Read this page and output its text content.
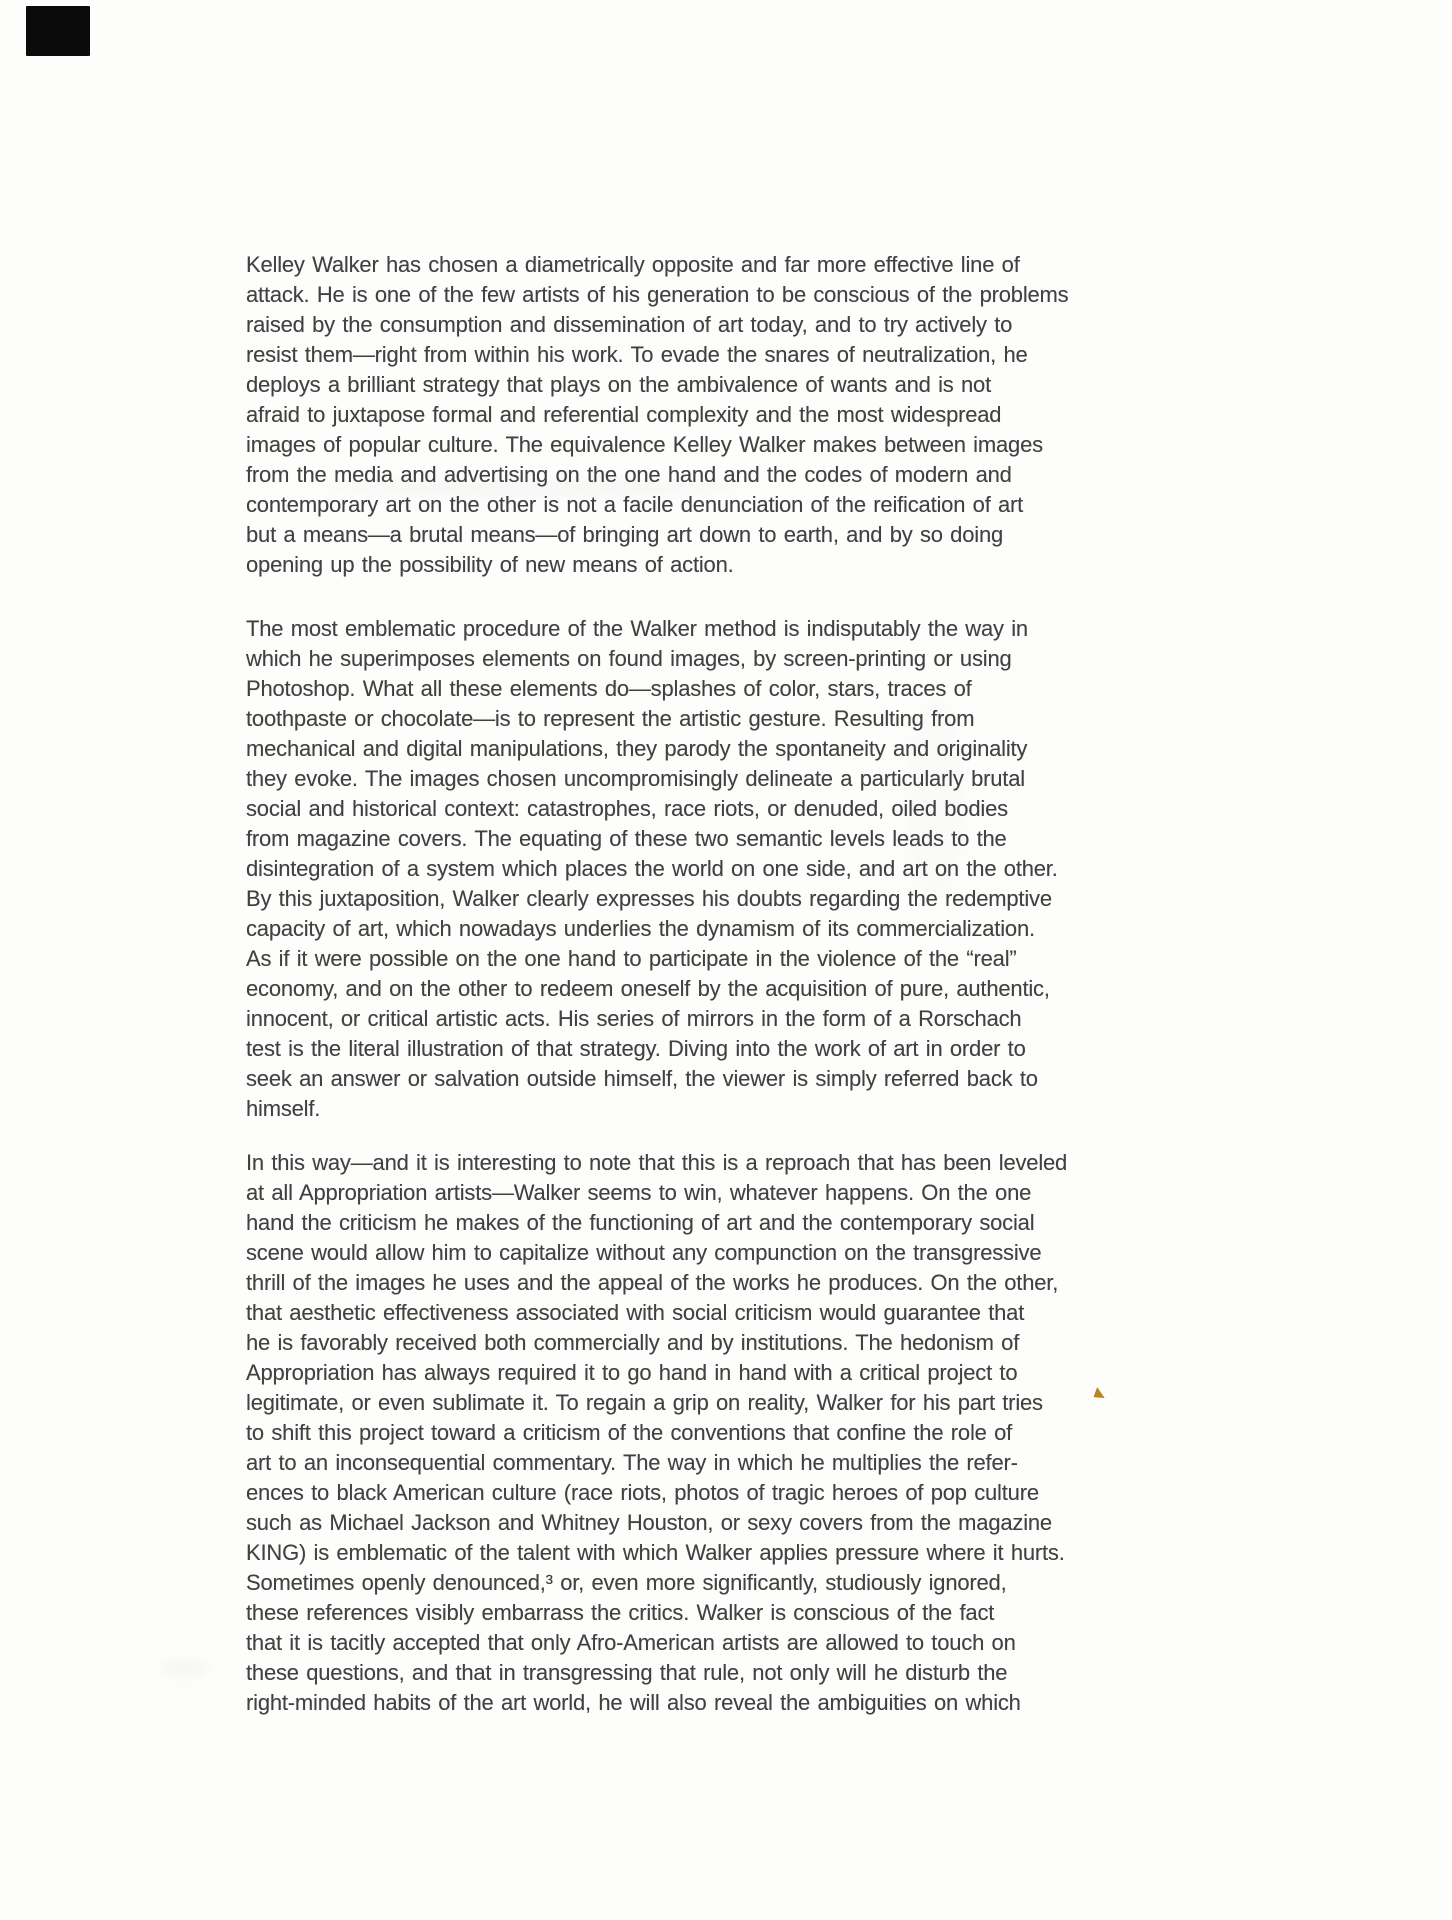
Kelley Walker has chosen a diametrically opposite and far more effective line of
attack. He is one of the few artists of his generation to be conscious of the problems
raised by the consumption and dissemination of art today, and to try actively to
resist them—right from within his work. To evade the snares of neutralization, he
deploys a brilliant strategy that plays on the ambivalence of wants and is not
afraid to juxtapose formal and referential complexity and the most widespread
images of popular culture. The equivalence Kelley Walker makes between images
from the media and advertising on the one hand and the codes of modern and
contemporary art on the other is not a facile denunciation of the reification of art
but a means—a brutal means—of bringing art down to earth, and by so doing
opening up the possibility of new means of action.
The most emblematic procedure of the Walker method is indisputably the way in
which he superimposes elements on found images, by screen-printing or using
Photoshop. What all these elements do—splashes of color, stars, traces of
toothpaste or chocolate—is to represent the artistic gesture. Resulting from
mechanical and digital manipulations, they parody the spontaneity and originality
they evoke. The images chosen uncompromisingly delineate a particularly brutal
social and historical context: catastrophes, race riots, or denuded, oiled bodies
from magazine covers. The equating of these two semantic levels leads to the
disintegration of a system which places the world on one side, and art on the other.
By this juxtaposition, Walker clearly expresses his doubts regarding the redemptive
capacity of art, which nowadays underlies the dynamism of its commercialization.
As if it were possible on the one hand to participate in the violence of the “real”
economy, and on the other to redeem oneself by the acquisition of pure, authentic,
innocent, or critical artistic acts. His series of mirrors in the form of a Rorschach
test is the literal illustration of that strategy. Diving into the work of art in order to
seek an answer or salvation outside himself, the viewer is simply referred back to
himself.
In this way—and it is interesting to note that this is a reproach that has been leveled
at all Appropriation artists—Walker seems to win, whatever happens. On the one
hand the criticism he makes of the functioning of art and the contemporary social
scene would allow him to capitalize without any compunction on the transgressive
thrill of the images he uses and the appeal of the works he produces. On the other,
that aesthetic effectiveness associated with social criticism would guarantee that
he is favorably received both commercially and by institutions. The hedonism of
Appropriation has always required it to go hand in hand with a critical project to
legitimate, or even sublimate it. To regain a grip on reality, Walker for his part tries
to shift this project toward a criticism of the conventions that confine the role of
art to an inconsequential commentary. The way in which he multiplies the refer-
ences to black American culture (race riots, photos of tragic heroes of pop culture
such as Michael Jackson and Whitney Houston, or sexy covers from the magazine
KING) is emblematic of the talent with which Walker applies pressure where it hurts.
Sometimes openly denounced,³ or, even more significantly, studiously ignored,
these references visibly embarrass the critics. Walker is conscious of the fact
that it is tacitly accepted that only Afro-American artists are allowed to touch on
these questions, and that in transgressing that rule, not only will he disturb the
right-minded habits of the art world, he will also reveal the ambiguities on which
